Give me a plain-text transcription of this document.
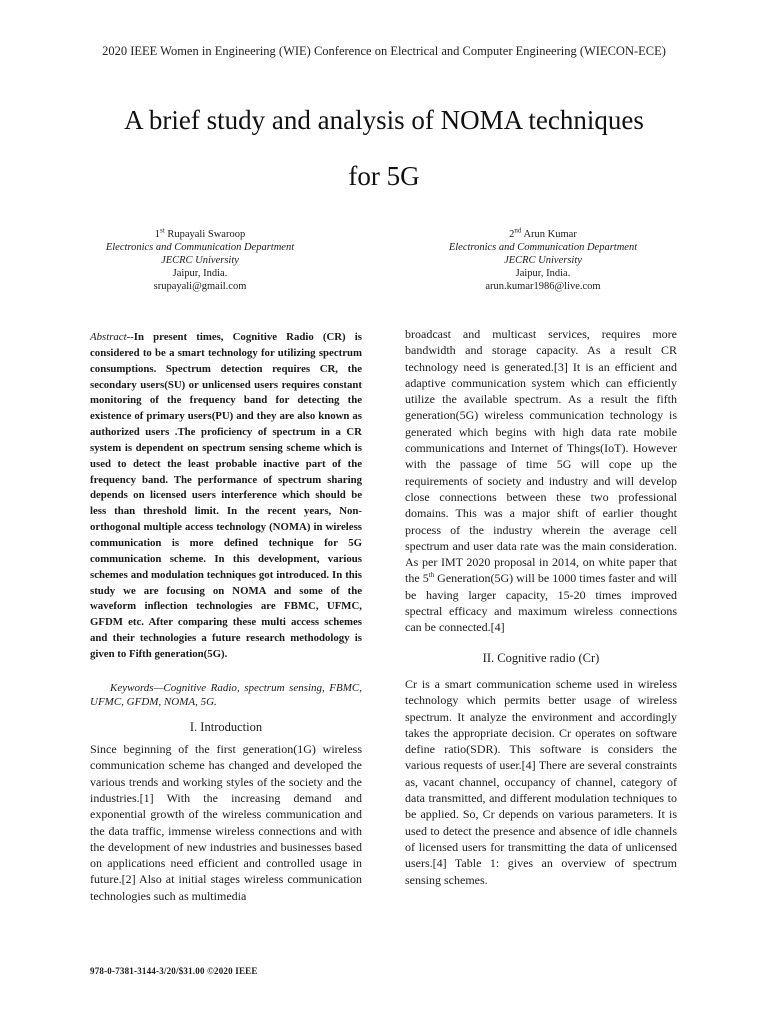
2020 IEEE Women in Engineering (WIE) Conference on Electrical and Computer Engineering (WIECON-ECE)
A brief study and analysis of NOMA techniques
for 5G
1st Rupayali Swaroop
Electronics and Communication Department
JECRC University
Jaipur, India.
srupayali@gmail.com
2nd Arun Kumar
Electronics and Communication Department
JECRC University
Jaipur, India.
arun.kumar1986@live.com

Abstract--In present times, Cognitive Radio (CR) is considered to be a smart technology for utilizing spectrum consumptions. Spectrum detection requires CR, the secondary users(SU) or unlicensed users requires constant monitoring of the frequency band for detecting the existence of primary users(PU) and they are also known as authorized users .The proficiency of spectrum in a CR system is dependent on spectrum sensing scheme which is used to detect the least probable inactive part of the frequency band. The performance of spectrum sharing depends on licensed users interference which should be less than threshold limit. In the recent years, Non-orthogonal multiple access technology (NOMA) in wireless communication is more defined technique for 5G communication scheme. In this development, various schemes and modulation techniques got introduced. In this study we are focusing on NOMA and some of the waveform inflection technologies are FBMC, UFMC, GFDM etc. After comparing these multi access schemes and their technologies a future research methodology is given to Fifth generation(5G).

Keywords—Cognitive Radio, spectrum sensing, FBMC, UFMC, GFDM, NOMA, 5G.

I. Introduction

Since beginning of the first generation(1G) wireless communication scheme has changed and developed the various trends and working styles of the society and the industries.[1] With the increasing demand and exponential growth of the wireless communication and the data traffic, immense wireless connections and with the development of new industries and businesses based on applications need efficient and controlled usage in future.[2] Also at initial stages wireless communication technologies such as multimedia

broadcast and multicast services, requires more bandwidth and storage capacity. As a result CR technology need is generated.[3] It is an efficient and adaptive communication system which can efficiently utilize the available spectrum. As a result the fifth generation(5G) wireless communication technology is generated which begins with high data rate mobile communications and Internet of Things(IoT). However with the passage of time 5G will cope up the requirements of society and industry and will develop close connections between these two professional domains. This was a major shift of earlier thought process of the industry wherein the average cell spectrum and user data rate was the main consideration. As per IMT 2020 proposal in 2014, on white paper that the 5th Generation(5G) will be 1000 times faster and will be having larger capacity, 15-20 times improved spectral efficacy and maximum wireless connections can be connected.[4]

II. Cognitive radio (Cr)

Cr is a smart communication scheme used in wireless technology which permits better usage of wireless spectrum. It analyze the environment and accordingly takes the appropriate decision. Cr operates on software define ratio(SDR). This software is considers the various requests of user.[4] There are several constraints as, vacant channel, occupancy of channel, category of data transmitted, and different modulation techniques to be applied. So, Cr depends on various parameters. It is used to detect the presence and absence of idle channels of licensed users for transmitting the data of unlicensed users.[4] Table 1: gives an overview of spectrum sensing schemes.

978-0-7381-3144-3/20/$31.00 ©2020 IEEE
